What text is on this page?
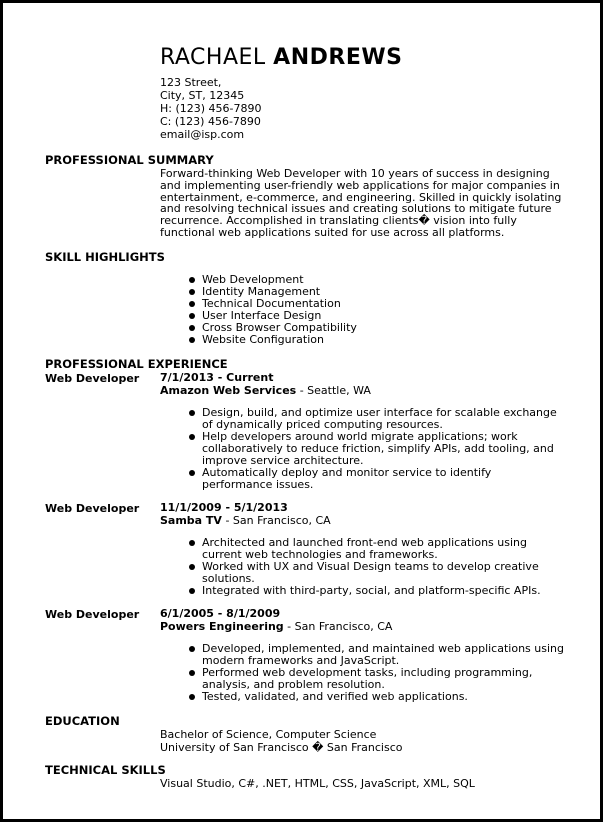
RACHAEL ANDREWS
123 Street,
City, ST, 12345
H: (123) 456-7890
C: (123) 456-7890
email@isp.com
PROFESSIONAL SUMMARY
Forward-thinking Web Developer with 10 years of success in designing and implementing user-friendly web applications for major companies in entertainment, e-commerce, and engineering. Skilled in quickly isolating and resolving technical issues and creating solutions to mitigate future recurrence. Accomplished in translating clients� vision into fully functional web applications suited for use across all platforms.
SKILL HIGHLIGHTS
Web Development
Identity Management
Technical Documentation
User Interface Design
Cross Browser Compatibility
Website Configuration
PROFESSIONAL EXPERIENCE
Web Developer 7/1/2013 - Current
Amazon Web Services - Seattle, WA
Design, build, and optimize user interface for scalable exchange of dynamically priced computing resources.
Help developers around world migrate applications; work collaboratively to reduce friction, simplify APIs, add tooling, and improve service architecture.
Automatically deploy and monitor service to identify performance issues.
Web Developer 11/1/2009 - 5/1/2013
Samba TV - San Francisco, CA
Architected and launched front-end web applications using current web technologies and frameworks.
Worked with UX and Visual Design teams to develop creative solutions.
Integrated with third-party, social, and platform-specific APIs.
Web Developer 6/1/2005 - 8/1/2009
Powers Engineering - San Francisco, CA
Developed, implemented, and maintained web applications using modern frameworks and JavaScript.
Performed web development tasks, including programming, analysis, and problem resolution.
Tested, validated, and verified web applications.
EDUCATION
Bachelor of Science, Computer Science
University of San Francisco � San Francisco
TECHNICAL SKILLS
Visual Studio, C#, .NET, HTML, CSS, JavaScript, XML, SQL
